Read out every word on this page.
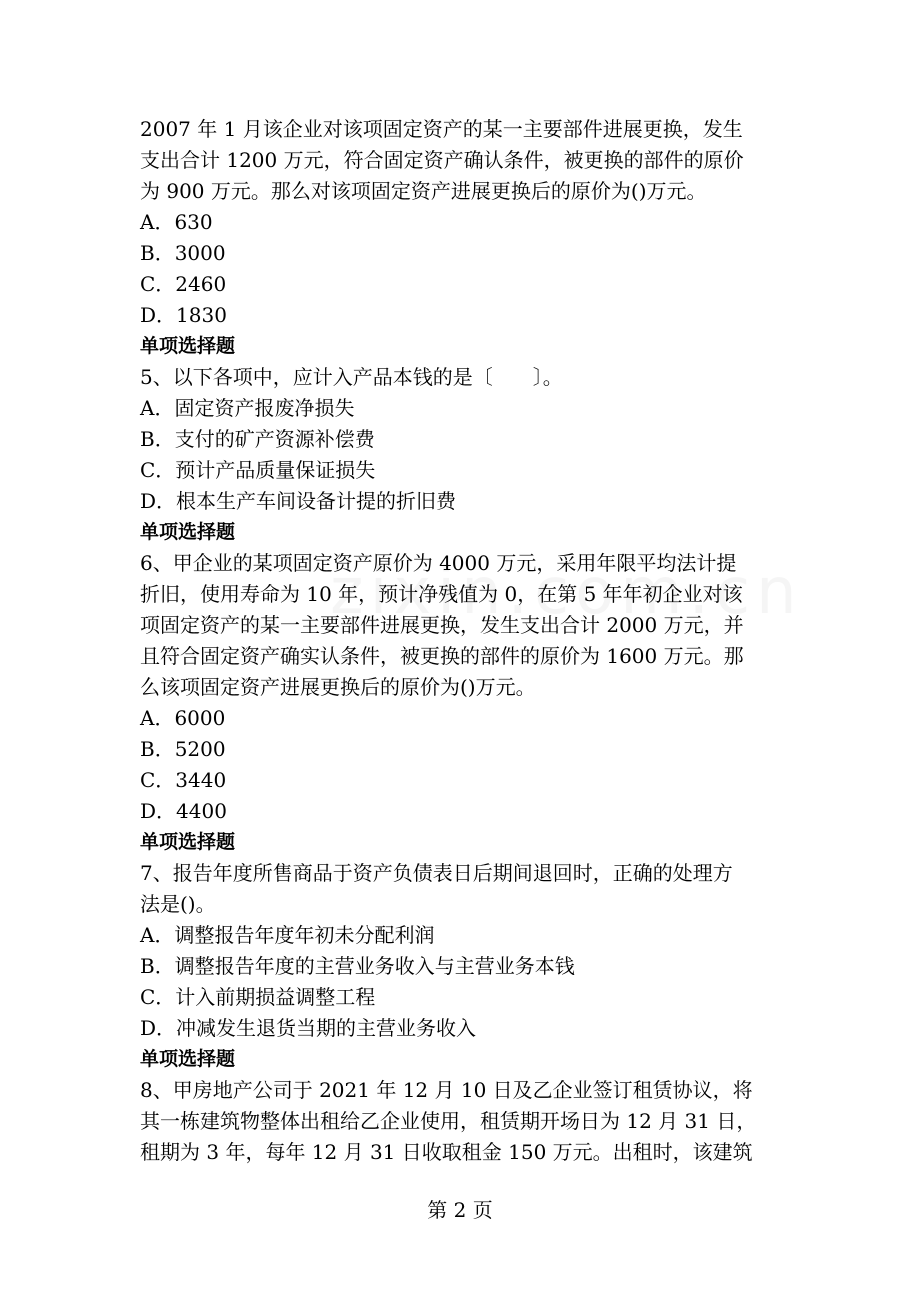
2007 年 1 月该企业对该项固定资产的某一主要部件进展更换，发生
支出合计 1200 万元，符合固定资产确认条件，被更换的部件的原价
为 900 万元。那么对该项固定资产进展更换后的原价为()万元。
A．630
B．3000
C．2460
D．1830
单项选择题
5、以下各项中，应计入产品本钱的是〔　　〕。
A．固定资产报废净损失
B．支付的矿产资源补偿费
C．预计产品质量保证损失
D．根本生产车间设备计提的折旧费
单项选择题
6、甲企业的某项固定资产原价为 4000 万元，采用年限平均法计提
折旧，使用寿命为 10 年，预计净残值为 0，在第 5 年年初企业对该
项固定资产的某一主要部件进展更换，发生支出合计 2000 万元，并
且符合固定资产确实认条件，被更换的部件的原价为 1600 万元。那
么该项固定资产进展更换后的原价为()万元。
A．6000
B．5200
C．3440
D．4400
单项选择题
7、报告年度所售商品于资产负债表日后期间退回时，正确的处理方
法是()。
A．调整报告年度年初未分配利润
B．调整报告年度的主营业务收入与主营业务本钱
C．计入前期损益调整工程
D．冲减发生退货当期的主营业务收入
单项选择题
8、甲房地产公司于 2021 年 12 月 10 日及乙企业签订租赁协议，将
其一栋建筑物整体出租给乙企业使用，租赁期开场日为 12 月 31 日，
租期为 3 年，每年 12 月 31 日收取租金 150 万元。出租时，该建筑
第 2 页
